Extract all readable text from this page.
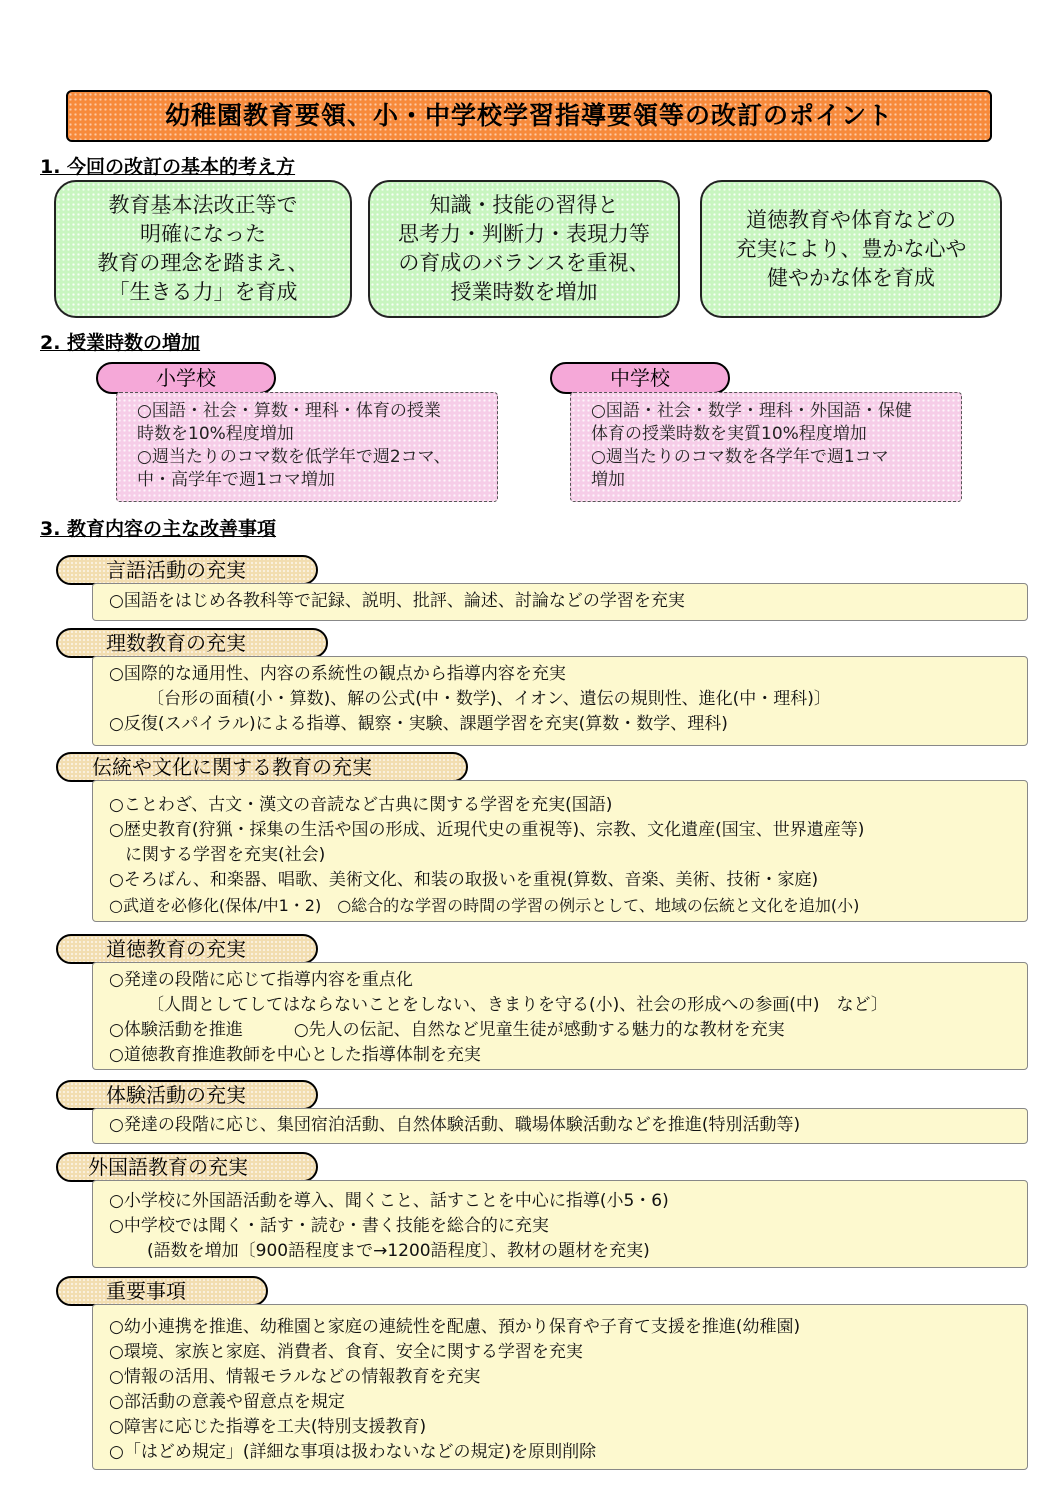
幼稚園教育要領、小・中学校学習指導要領等の改訂のポイント
1. 今回の改訂の基本的考え方
教育基本法改正等で
明確になった
教育の理念を踏まえ、
「生きる力」を育成
知識・技能の習得と
思考力・判断力・表現力等
の育成のバランスを重視、
授業時数を増加
道徳教育や体育などの
充実により、豊かな心や
健やかな体を育成
2. 授業時数の増加
小学校
○国語・社会・算数・理科・体育の授業
時数を10%程度増加
○週当たりのコマ数を低学年で週2コマ、
中・高学年で週1コマ増加
中学校
○国語・社会・数学・理科・外国語・保健
体育の授業時数を実質10%程度増加
○週当たりのコマ数を各学年で週1コマ
増加
3. 教育内容の主な改善事項
言語活動の充実
○国語をはじめ各教科等で記録、説明、批評、論述、討論などの学習を充実
理数教育の充実
○国際的な通用性、内容の系統性の観点から指導内容を充実
〔台形の面積(小・算数)、解の公式(中・数学)、イオン、遺伝の規則性、進化(中・理科)〕
○反復(スパイラル)による指導、観察・実験、課題学習を充実(算数・数学、理科)
伝統や文化に関する教育の充実
○ことわざ、古文・漢文の音読など古典に関する学習を充実(国語)
○歴史教育(狩猟・採集の生活や国の形成、近現代史の重視等)、宗教、文化遺産(国宝、世界遺産等)
に関する学習を充実(社会)
○そろばん、和楽器、唱歌、美術文化、和装の取扱いを重視(算数、音楽、美術、技術・家庭)
○武道を必修化(保体/中1・2)　○総合的な学習の時間の学習の例示として、地域の伝統と文化を追加(小)
道徳教育の充実
○発達の段階に応じて指導内容を重点化
〔人間としてしてはならないことをしない、きまりを守る(小)、社会の形成への参画(中)　など〕
○体験活動を推進　　　○先人の伝記、自然など児童生徒が感動する魅力的な教材を充実
○道徳教育推進教師を中心とした指導体制を充実
体験活動の充実
○発達の段階に応じ、集団宿泊活動、自然体験活動、職場体験活動などを推進(特別活動等)
外国語教育の充実
○小学校に外国語活動を導入、聞くこと、話すことを中心に指導(小5・6)
○中学校では聞く・話す・読む・書く技能を総合的に充実
(語数を増加〔900語程度まで→1200語程度〕、教材の題材を充実)
重要事項
○幼小連携を推進、幼稚園と家庭の連続性を配慮、預かり保育や子育て支援を推進(幼稚園)
○環境、家族と家庭、消費者、食育、安全に関する学習を充実
○情報の活用、情報モラルなどの情報教育を充実
○部活動の意義や留意点を規定
○障害に応じた指導を工夫(特別支援教育)
○「はどめ規定」(詳細な事項は扱わないなどの規定)を原則削除
